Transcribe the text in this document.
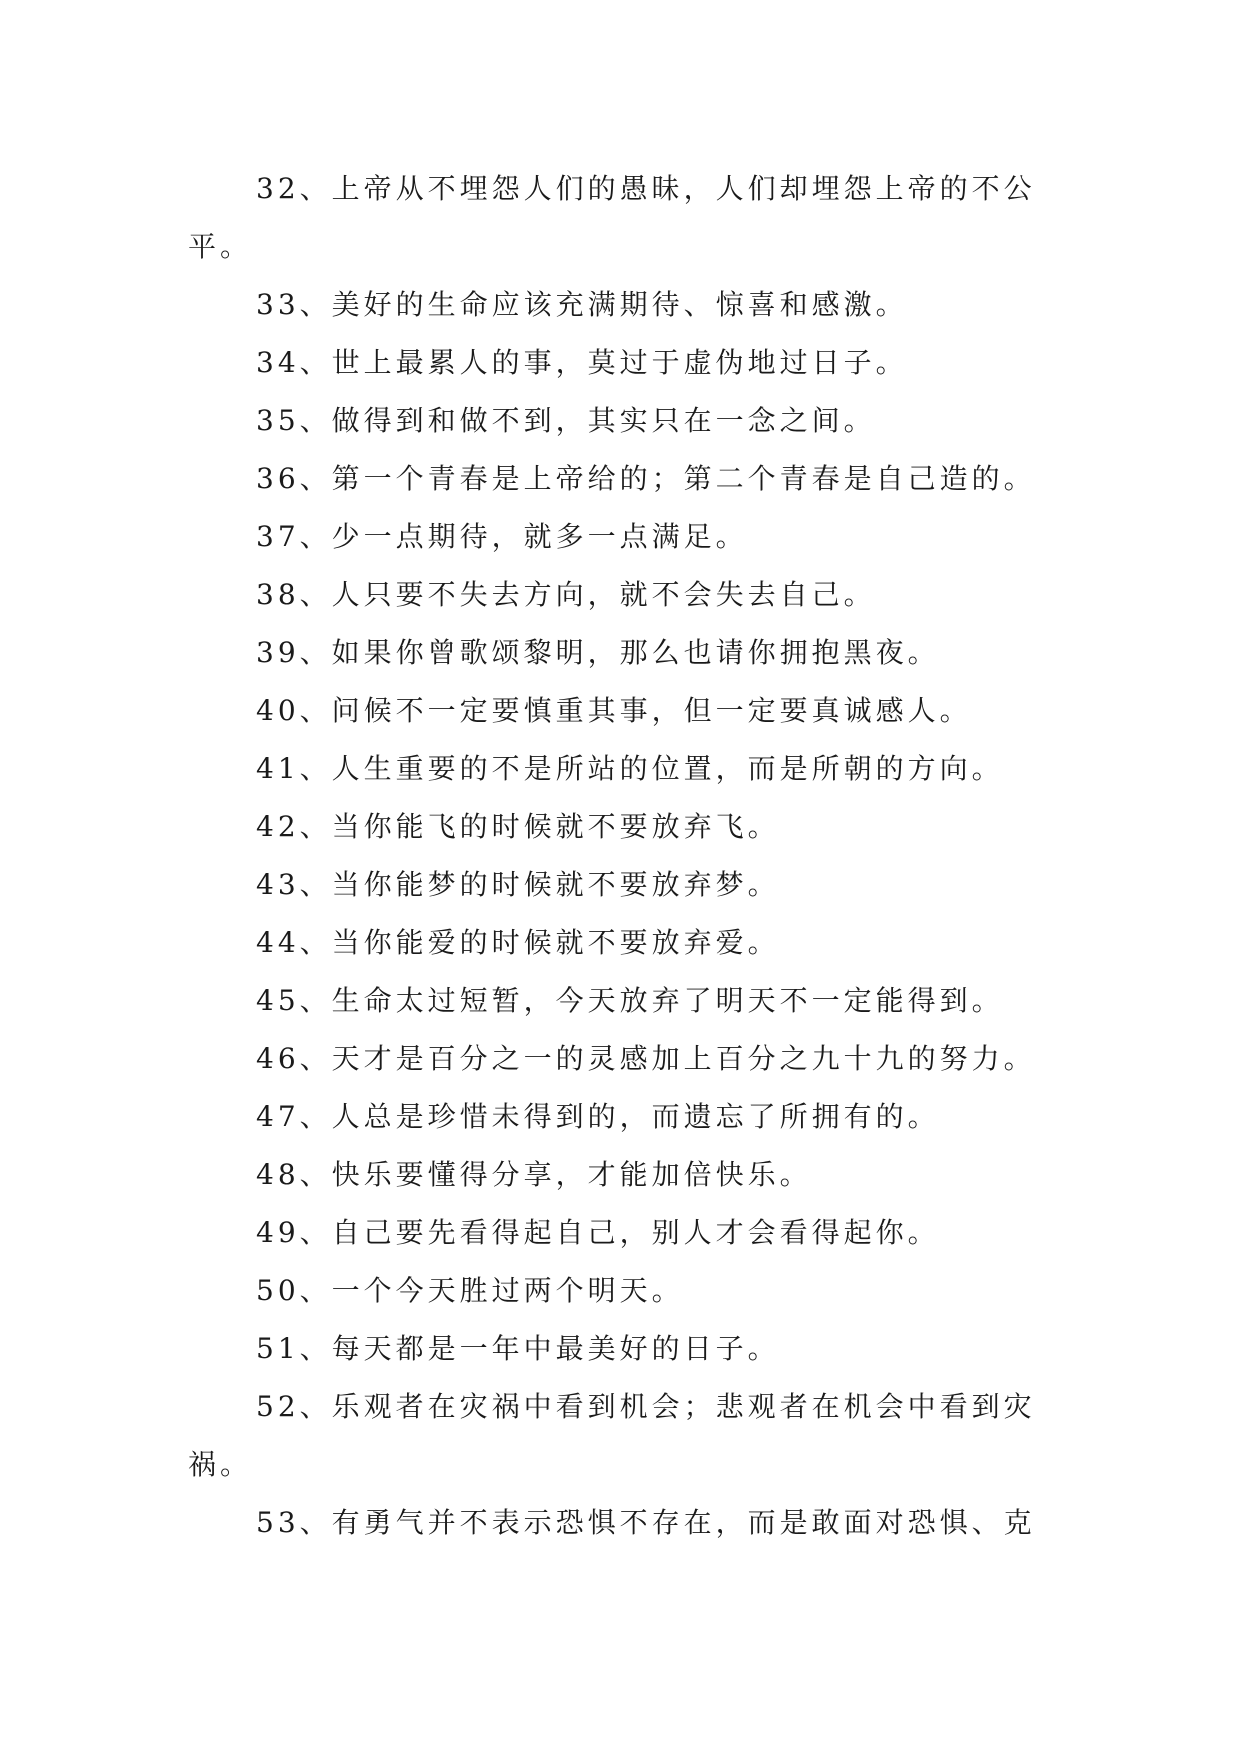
32、上帝从不埋怨人们的愚昧，人们却埋怨上帝的不公平。

33、美好的生命应该充满期待、惊喜和感激。

34、世上最累人的事，莫过于虚伪地过日子。

35、做得到和做不到，其实只在一念之间。

36、第一个青春是上帝给的；第二个青春是自己造的。

37、少一点期待，就多一点满足。

38、人只要不失去方向，就不会失去自己。

39、如果你曾歌颂黎明，那么也请你拥抱黑夜。

40、问候不一定要慎重其事，但一定要真诚感人。

41、人生重要的不是所站的位置，而是所朝的方向。

42、当你能飞的时候就不要放弃飞。

43、当你能梦的时候就不要放弃梦。

44、当你能爱的时候就不要放弃爱。

45、生命太过短暂，今天放弃了明天不一定能得到。

46、天才是百分之一的灵感加上百分之九十九的努力。

47、人总是珍惜未得到的，而遗忘了所拥有的。

48、快乐要懂得分享，才能加倍快乐。

49、自己要先看得起自己，别人才会看得起你。

50、一个今天胜过两个明天。

51、每天都是一年中最美好的日子。

52、乐观者在灾祸中看到机会；悲观者在机会中看到灾祸。

53、有勇气并不表示恐惧不存在，而是敢面对恐惧、克
